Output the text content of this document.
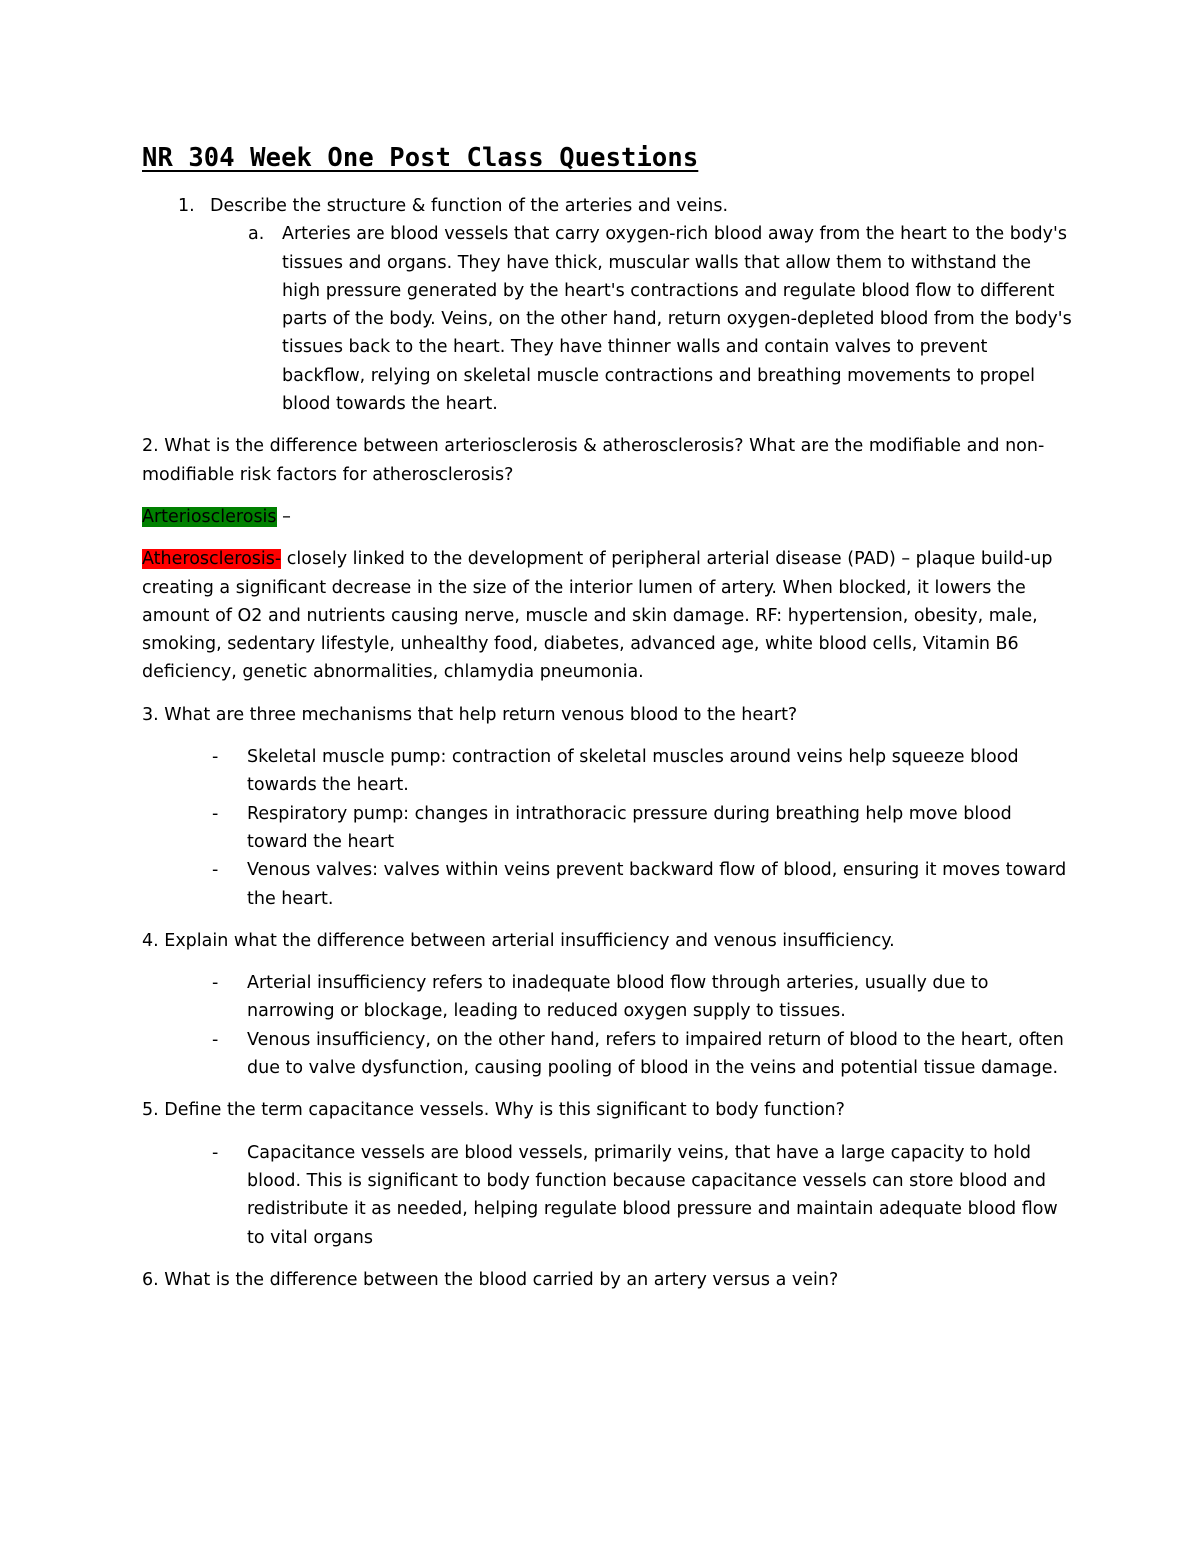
NR 304 Week One Post Class Questions
1. Describe the structure & function of the arteries and veins.
a. Arteries are blood vessels that carry oxygen-rich blood away from the heart to the body's tissues and organs. They have thick, muscular walls that allow them to withstand the high pressure generated by the heart's contractions and regulate blood flow to different parts of the body. Veins, on the other hand, return oxygen-depleted blood from the body's tissues back to the heart. They have thinner walls and contain valves to prevent backflow, relying on skeletal muscle contractions and breathing movements to propel blood towards the heart.

2. What is the difference between arteriosclerosis & atherosclerosis? What are the modifiable and non-modifiable risk factors for atherosclerosis?

Arteriosclerosis –

Atherosclerosis- closely linked to the development of peripheral arterial disease (PAD) – plaque build-up creating a significant decrease in the size of the interior lumen of artery. When blocked, it lowers the amount of O2 and nutrients causing nerve, muscle and skin damage. RF: hypertension, obesity, male, smoking, sedentary lifestyle, unhealthy food, diabetes, advanced age, white blood cells, Vitamin B6 deficiency, genetic abnormalities, chlamydia pneumonia.

3. What are three mechanisms that help return venous blood to the heart?

- Skeletal muscle pump: contraction of skeletal muscles around veins help squeeze blood towards the heart.
- Respiratory pump: changes in intrathoracic pressure during breathing help move blood toward the heart
- Venous valves: valves within veins prevent backward flow of blood, ensuring it moves toward the heart.

4. Explain what the difference between arterial insufficiency and venous insufficiency.

- Arterial insufficiency refers to inadequate blood flow through arteries, usually due to narrowing or blockage, leading to reduced oxygen supply to tissues.
- Venous insufficiency, on the other hand, refers to impaired return of blood to the heart, often due to valve dysfunction, causing pooling of blood in the veins and potential tissue damage.

5. Define the term capacitance vessels. Why is this significant to body function?

- Capacitance vessels are blood vessels, primarily veins, that have a large capacity to hold blood. This is significant to body function because capacitance vessels can store blood and redistribute it as needed, helping regulate blood pressure and maintain adequate blood flow to vital organs

6. What is the difference between the blood carried by an artery versus a vein?
